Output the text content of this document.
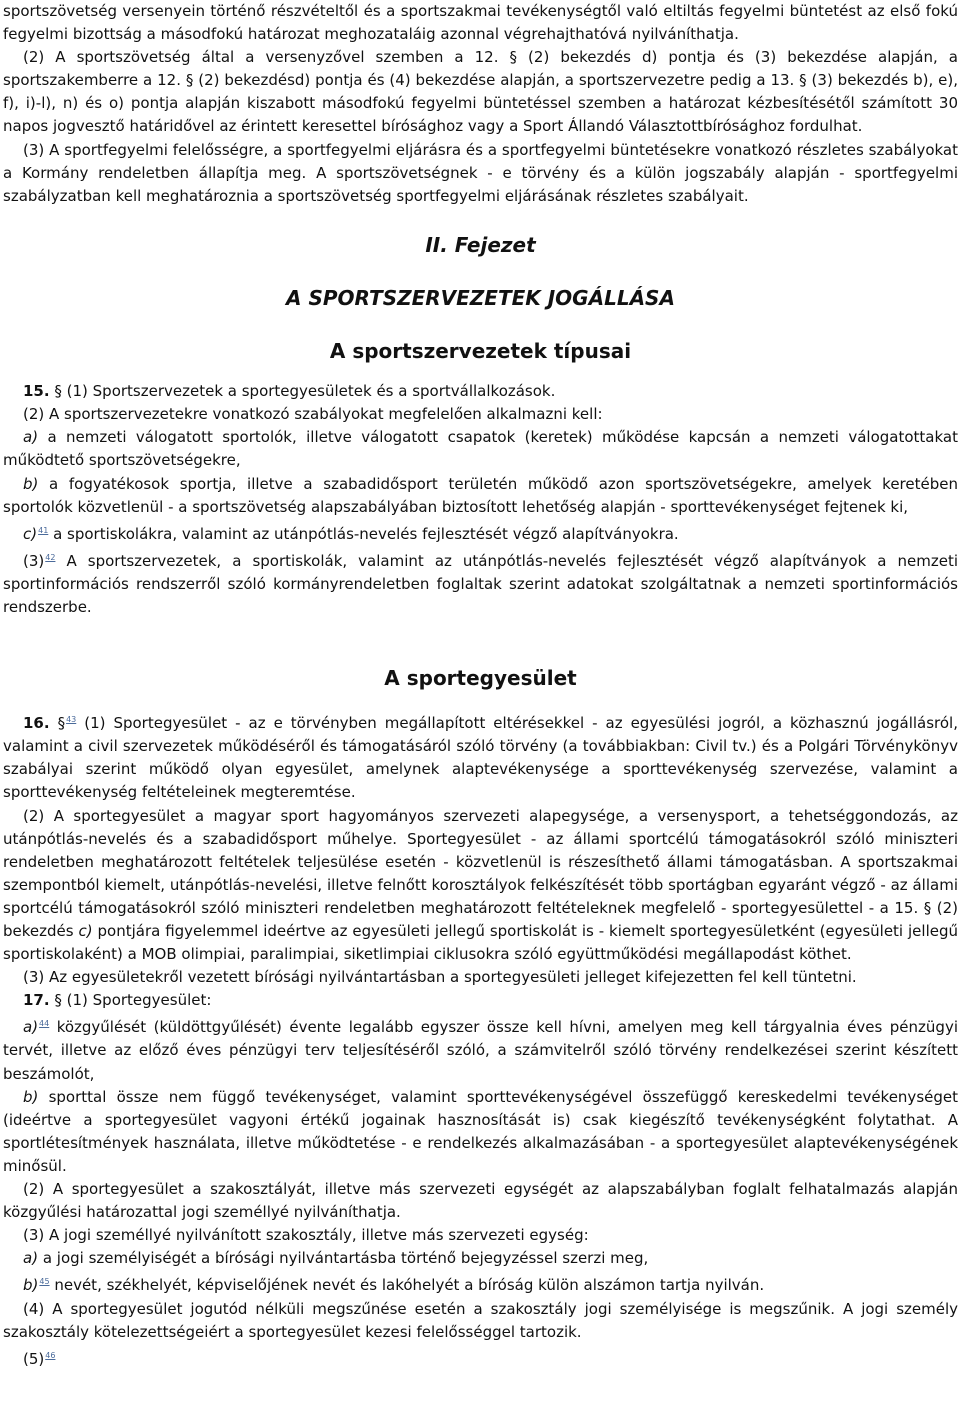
sportszövetség versenyein történő részvételtől és a sportszakmai tevékenységtől való eltiltás fegyelmi büntetést az első fokú fegyelmi bizottság a másodfokú határozat meghozataláig azonnal végrehajthatóvá nyilváníthatja.

(2) A sportszövetség által a versenyzővel szemben a 12. § (2) bekezdés d) pontja és (3) bekezdése alapján, a sportszakemberre a 12. § (2) bekezdésd) pontja és (4) bekezdése alapján, a sportszervezetre pedig a 13. § (3) bekezdés b), e), f), i)-l), n) és o) pontja alapján kiszabott másodfokú fegyelmi büntetéssel szemben a határozat kézbesítésétől számított 30 napos jogvesztő határidővel az érintett keresettel bírósághoz vagy a Sport Állandó Választottbírósághoz fordulhat.

(3) A sportfegyelmi felelősségre, a sportfegyelmi eljárásra és a sportfegyelmi büntetésekre vonatkozó részletes szabályokat a Kormány rendeletben állapítja meg. A sportszövetségnek - e törvény és a külön jogszabály alapján - sportfegyelmi szabályzatban kell meghatároznia a sportszövetség sportfegyelmi eljárásának részletes szabályait.

II. Fejezet

A SPORTSZERVEZETEK JOGÁLLÁSA

A sportszervezetek típusai

15. § (1) Sportszervezetek a sportegyesületek és a sportvállalkozások.

(2) A sportszervezetekre vonatkozó szabályokat megfelelően alkalmazni kell:

a) a nemzeti válogatott sportolók, illetve válogatott csapatok (keretek) működése kapcsán a nemzeti válogatottakat működtető sportszövetségekre,

b) a fogyatékosok sportja, illetve a szabadidősport területén működő azon sportszövetségekre, amelyek keretében sportolók közvetlenül - a sportszövetség alapszabályában biztosított lehetőség alapján - sporttevékenységet fejtenek ki,

c)$^{41}$ a sportiskolákra, valamint az utánpótlás-nevelés fejlesztését végző alapítványokra.

(3)$^{42}$ A sportszervezetek, a sportiskolák, valamint az utánpótlás-nevelés fejlesztését végző alapítványok a nemzeti sportinformációs rendszerről szóló kormányrendeletben foglaltak szerint adatokat szolgáltatnak a nemzeti sportinformációs rendszerbe.

A sportegyesület

16. §$^{43}$ (1) Sportegyesület - az e törvényben megállapított eltérésekkel - az egyesülési jogról, a közhasznú jogállásról, valamint a civil szervezetek működéséről és támogatásáról szóló törvény (a továbbiakban: Civil tv.) és a Polgári Törvénykönyv szabályai szerint működő olyan egyesület, amelynek alaptevékenysége a sporttevékenység szervezése, valamint a sporttevékenység feltételeinek megteremtése.

(2) A sportegyesület a magyar sport hagyományos szervezeti alapegysége, a versenysport, a tehetséggondozás, az utánpótlás-nevelés és a szabadidősport műhelye. Sportegyesület - az állami sportcélú támogatásokról szóló miniszteri rendeletben meghatározott feltételek teljesülése esetén - közvetlenül is részesíthető állami támogatásban. A sportszakmai szempontból kiemelt, utánpótlás-nevelési, illetve felnőtt korosztályok felkészítését több sportágban egyaránt végző - az állami sportcélú támogatásokról szóló miniszteri rendeletben meghatározott feltételeknek megfelelő - sportegyesülettel - a 15. § (2) bekezdés c) pontjára figyelemmel ideértve az egyesületi jellegű sportiskolát is - kiemelt sportegyesületként (egyesületi jellegű sportiskolaként) a MOB olimpiai, paralimpiai, siketlimpiai ciklusokra szóló együttműködési megállapodást köthet.

(3) Az egyesületekről vezetett bírósági nyilvántartásban a sportegyesületi jelleget kifejezetten fel kell tüntetni.

17. § (1) Sportegyesület:

a)$^{44}$ közgyűlését (küldöttgyűlését) évente legalább egyszer össze kell hívni, amelyen meg kell tárgyalnia éves pénzügyi tervét, illetve az előző éves pénzügyi terv teljesítéséről szóló, a számvitelről szóló törvény rendelkezései szerint készített beszámolót,

b) sporttal össze nem függő tevékenységet, valamint sporttevékenységével összefüggő kereskedelmi tevékenységet (ideértve a sportegyesület vagyoni értékű jogainak hasznosítását is) csak kiegészítő tevékenységként folytathat. A sportlétesítmények használata, illetve működtetése - e rendelkezés alkalmazásában - a sportegyesület alaptevékenységének minősül.

(2) A sportegyesület a szakosztályát, illetve más szervezeti egységét az alapszabályban foglalt felhatalmazás alapján közgyűlési határozattal jogi személlyé nyilváníthatja.

(3) A jogi személlyé nyilvánított szakosztály, illetve más szervezeti egység:

a) a jogi személyiségét a bírósági nyilvántartásba történő bejegyzéssel szerzi meg,

b)$^{45}$ nevét, székhelyét, képviselőjének nevét és lakóhelyét a bíróság külön alszámon tartja nyilván.

(4) A sportegyesület jogutód nélküli megszűnése esetén a szakosztály jogi személyisége is megszűnik. A jogi személy szakosztály kötelezettségeiért a sportegyesület kezesi felelősséggel tartozik.

(5)$^{46}$
